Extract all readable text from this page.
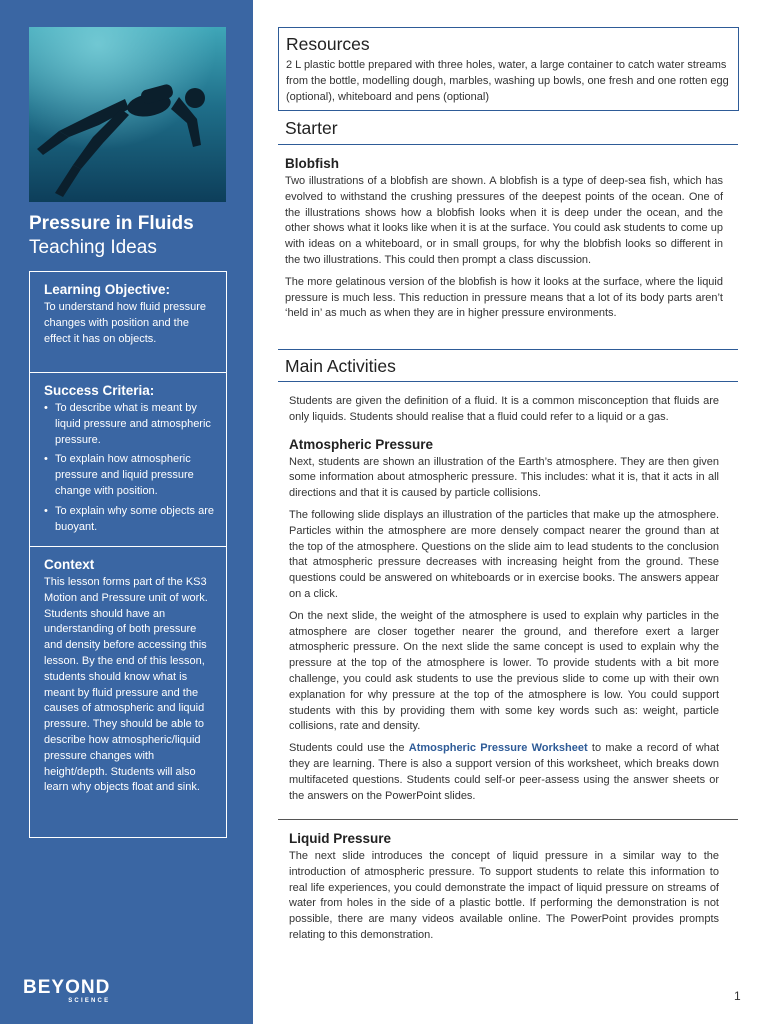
Pressure in Fluids
Teaching Ideas
Learning Objective:

To understand how fluid pressure changes with position and the effect it has on objects.

Success Criteria:
• To describe what is meant by liquid pressure and atmospheric pressure.
• To explain how atmospheric pressure and liquid pressure change with position.
• To explain why some objects are buoyant.
Context

This lesson forms part of the KS3 Motion and Pressure unit of work. Students should have an understanding of both pressure and density before accessing this lesson. By the end of this lesson, students should know what is meant by fluid pressure and the causes of atmospheric and liquid pressure. They should be able to describe how atmospheric/liquid pressure changes with height/depth. Students will also learn why objects float and sink.

BEYOND
SCIENCE
Resources

2 L plastic bottle prepared with three holes, water, a large container to catch water streams from the bottle, modelling dough, marbles, washing up bowls, one fresh and one rotten egg (optional), whiteboard and pens (optional)

Starter
Blobfish

Two illustrations of a blobfish are shown. A blobfish is a type of deep-sea fish, which has evolved to withstand the crushing pressures of the deepest points of the ocean. One of the illustrations shows how a blobfish looks when it is deep under the ocean, and the other shows what it looks like when it is at the surface. You could ask students to come up with ideas on a whiteboard, or in small groups, for why the blobfish looks so different in the two illustrations. This could then prompt a class discussion.

The more gelatinous version of the blobfish is how it looks at the surface, where the liquid pressure is much less. This reduction in pressure means that a lot of its body parts aren’t ‘held in’ as much as when they are in higher pressure environments.

Main Activities

Students are given the definition of a fluid. It is a common misconception that fluids are only liquids. Students should realise that a fluid could refer to a liquid or a gas.

Atmospheric Pressure

Next, students are shown an illustration of the Earth’s atmosphere. They are then given some information about atmospheric pressure. This includes: what it is, that it acts in all directions and that it is caused by particle collisions.

The following slide displays an illustration of the particles that make up the atmosphere. Particles within the atmosphere are more densely compact nearer the ground than at the top of the atmosphere. Questions on the slide aim to lead students to the conclusion that atmospheric pressure decreases with increasing height from the ground. These questions could be answered on whiteboards or in exercise books. The answers appear on a click.

On the next slide, the weight of the atmosphere is used to explain why particles in the atmosphere are closer together nearer the ground, and therefore exert a larger atmospheric pressure. On the next slide the same concept is used to explain why the pressure at the top of the atmosphere is lower. To provide students with a bit more challenge, you could ask students to use the previous slide to come up with their own explanation for why pressure at the top of the atmosphere is low. You could support students with this by providing them with some key words such as: weight, particle collisions, rate and density.

Students could use the Atmospheric Pressure Worksheet to make a record of what they are learning. There is also a support version of this worksheet, which breaks down multifaceted questions. Students could self-or peer-assess using the answer sheets or the answers on the PowerPoint slides.

Liquid Pressure

The next slide introduces the concept of liquid pressure in a similar way to the introduction of atmospheric pressure. To support students to relate this information to real life experiences, you could demonstrate the impact of liquid pressure on streams of water from holes in the side of a plastic bottle. If performing the demonstration is not possible, there are many videos available online. The PowerPoint provides prompts relating to this demonstration.

1
